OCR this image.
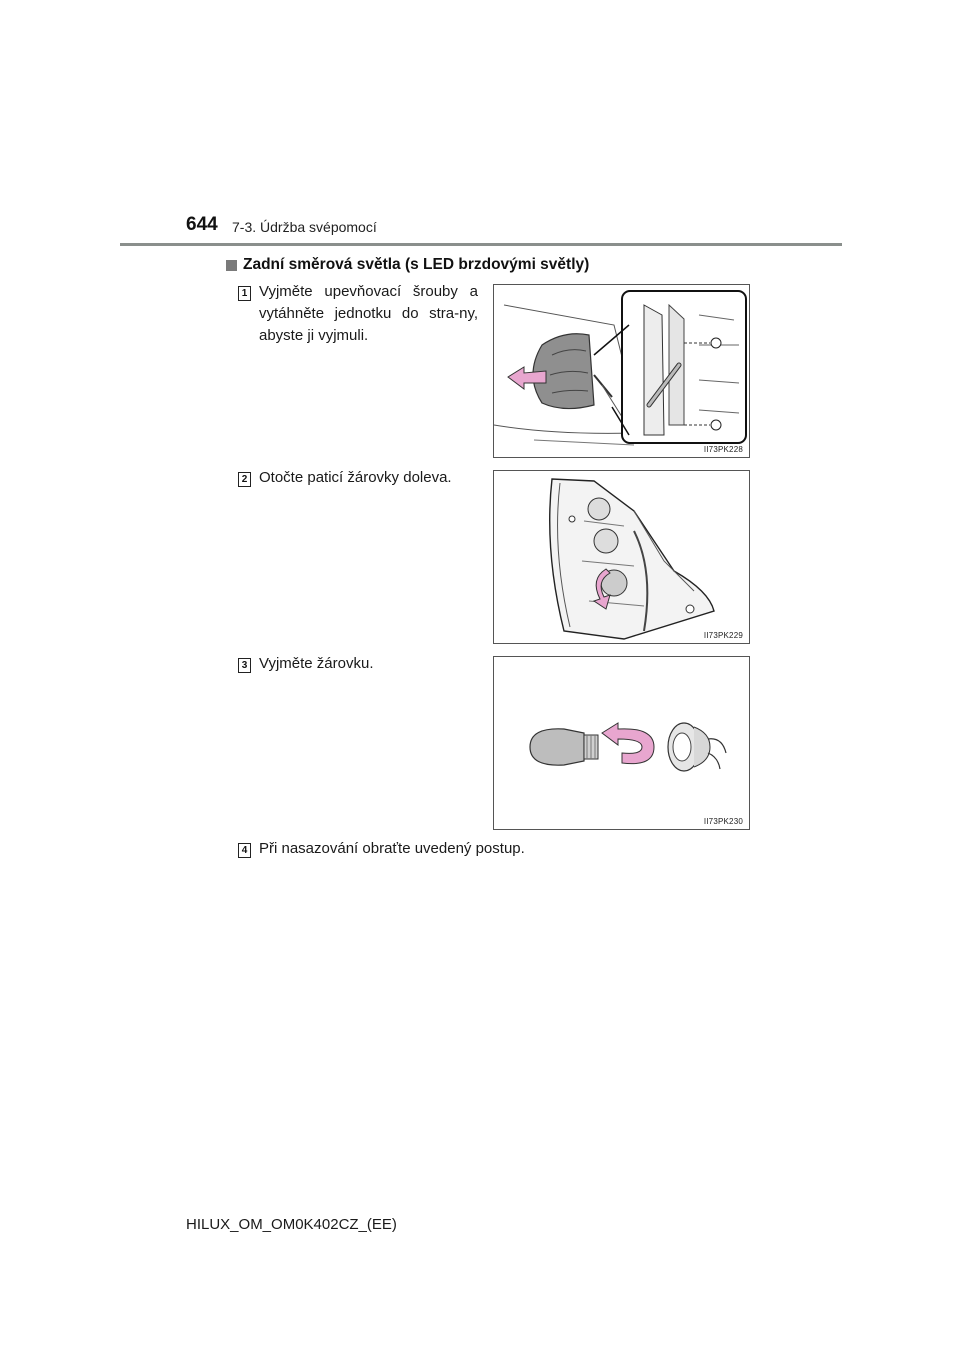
644 7-3. Údržba svépomocí
Zadní směrová světla (s LED brzdovými světly)
1 Vyjměte upevňovací šrouby a vytáhněte jednotku do stra-ny, abyste ji vyjmuli.
II73PK228
2 Otočte paticí žárovky doleva.
II73PK229
3 Vyjměte žárovku.
II73PK230
4 Při nasazování obraťte uvedený postup.
HILUX_OM_OM0K402CZ_(EE)
